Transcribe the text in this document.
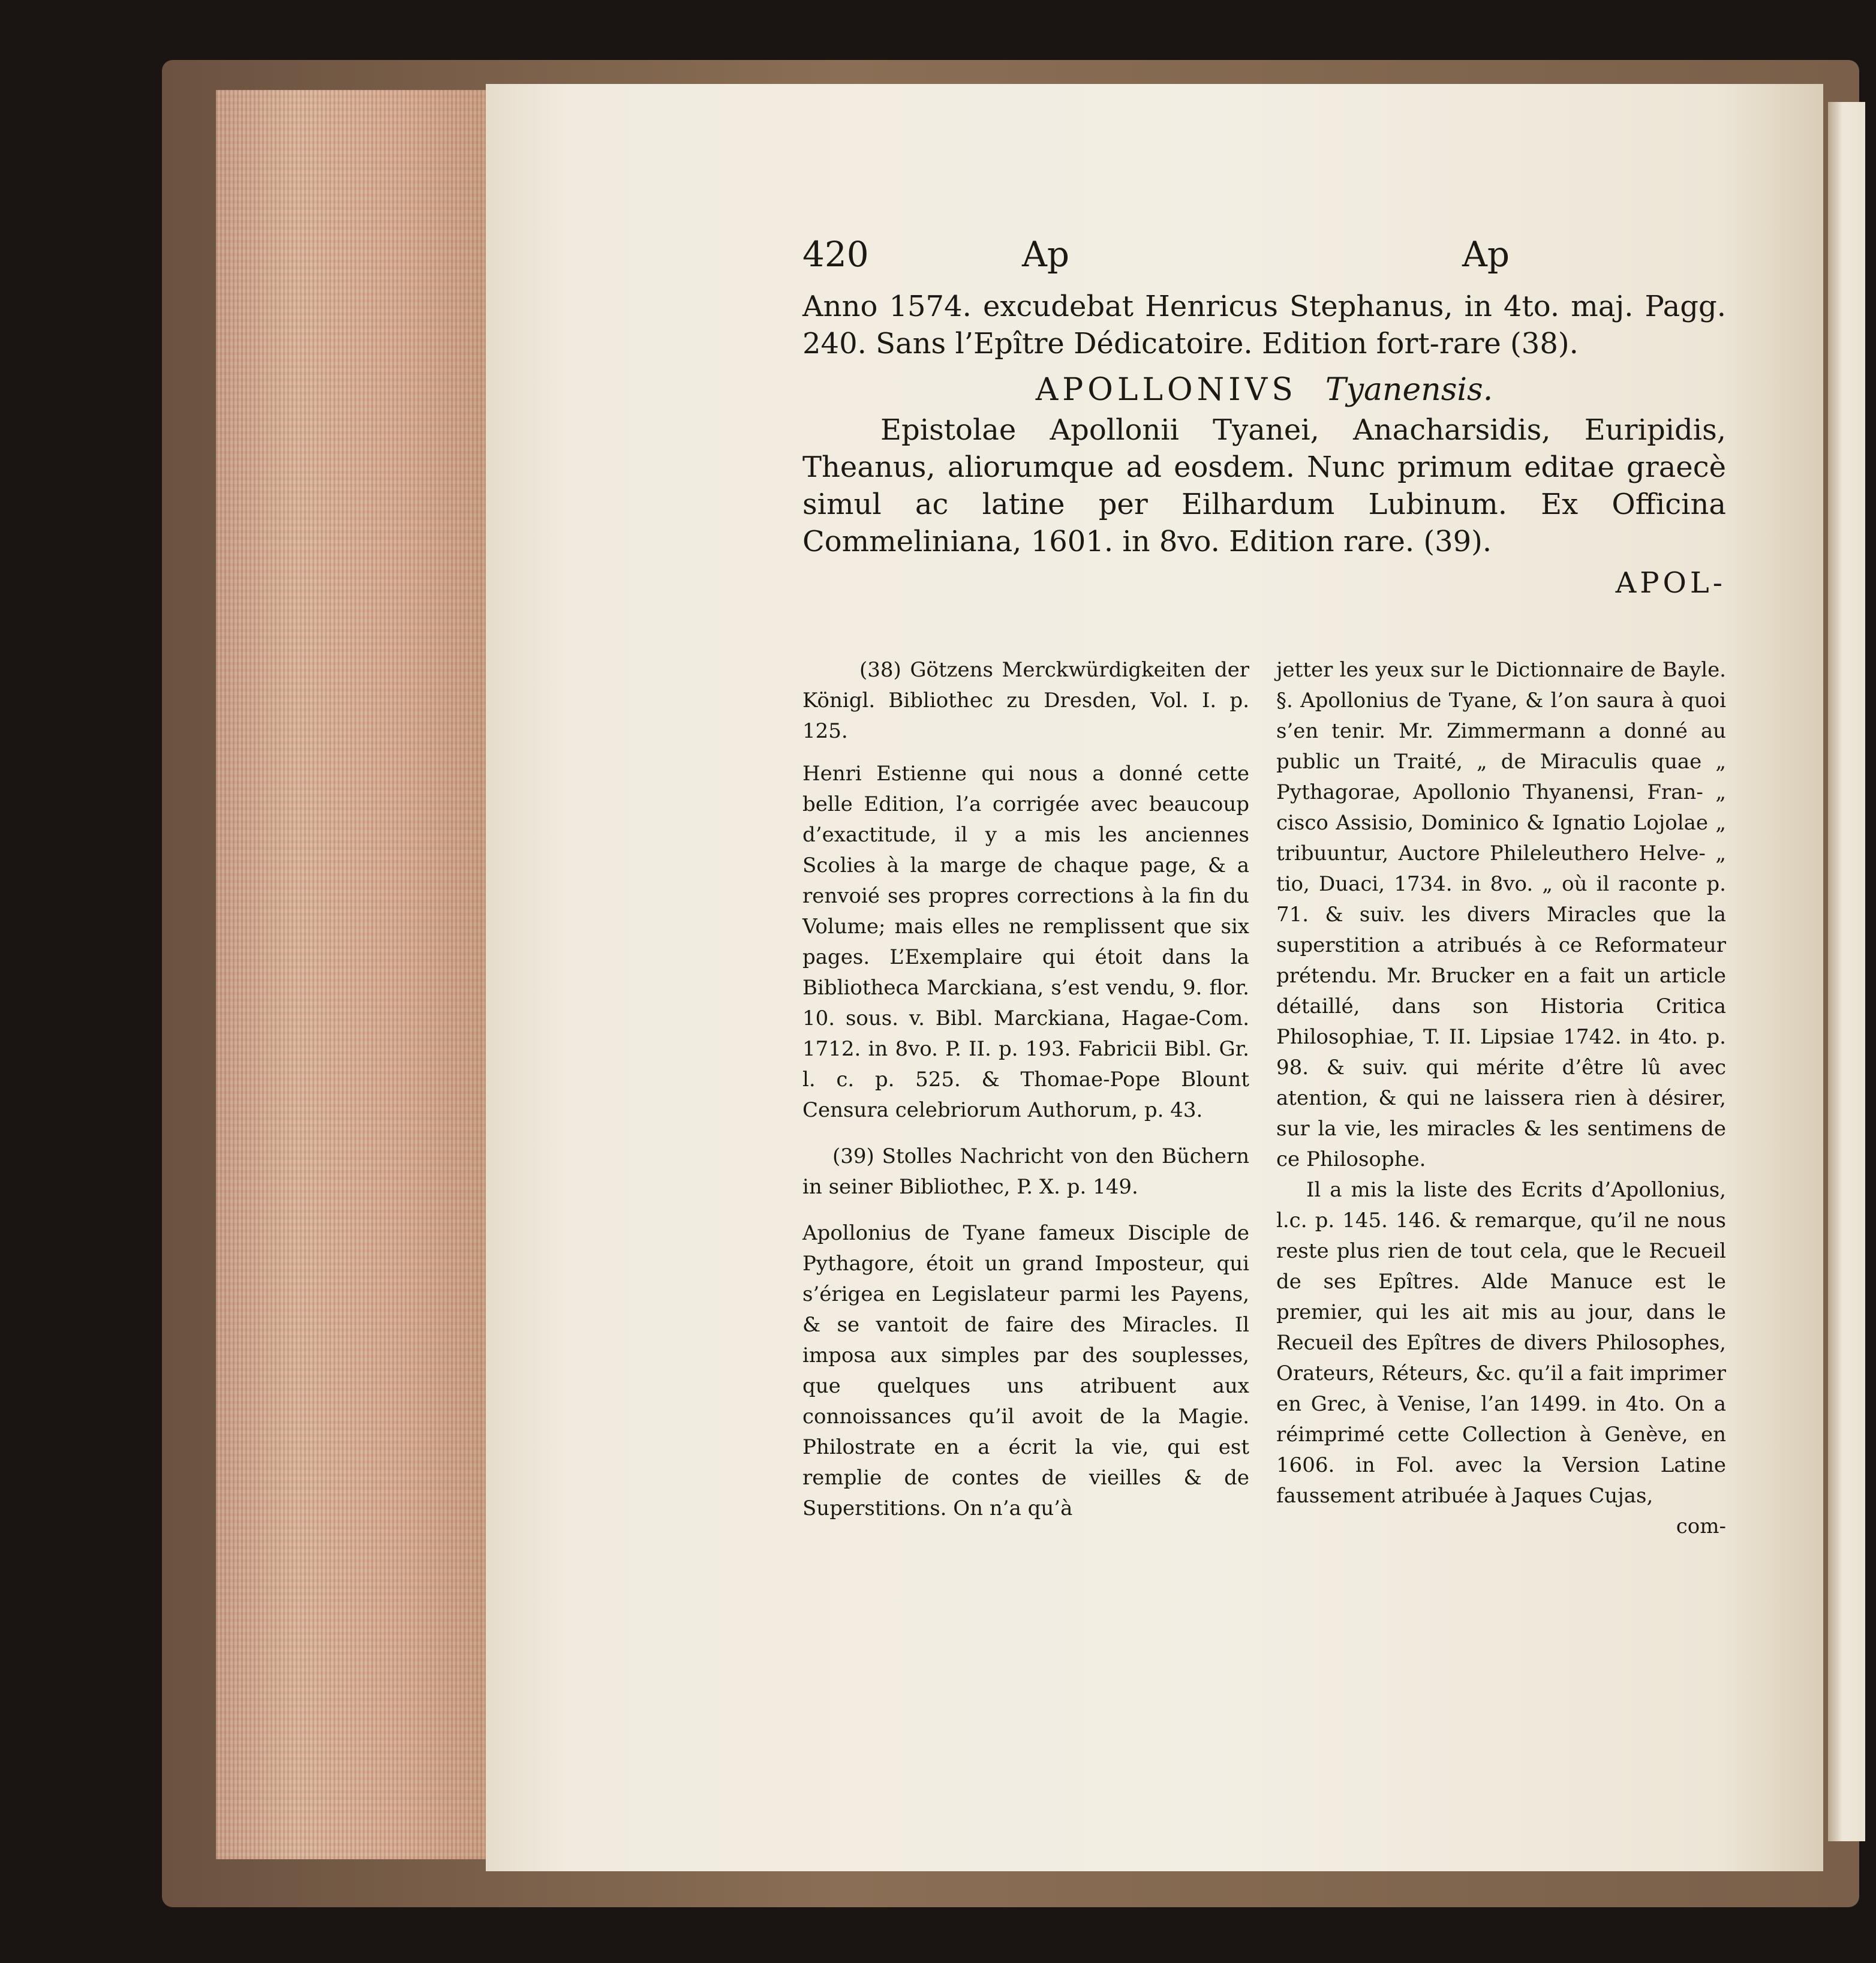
420	Ap	Ap

Anno 1574. excudebat Henricus Stephanus, in 4to. maj. Pagg. 240. Sans l’Epître Dédicatoire. Edition fort-rare (38).

APOLLONIVS Tyanensis.

Epistolae Apollonii Tyanei, Anacharsidis, Euripidis, Theanus, aliorumque ad eosdem. Nunc primum editae graecè simul ac latine per Eilhardum Lubinum. Ex Officina Commeliniana, 1601. in 8vo. Edition rare. (39).

APOL-

(38) Götzens Merckwürdigkeiten der Königl. Bibliothec zu Dresden, Vol. I. p. 125.

Henri Estienne qui nous a donné cette belle Edition, l’a corrigée avec beaucoup d’exactitude, il y a mis les anciennes Scolies à la marge de chaque page, & a renvoié ses propres corrections à la fin du Volume; mais elles ne remplissent que six pages. L’Exemplaire qui étoit dans la Bibliotheca Marckiana, s’est vendu, 9. flor. 10. sous. v. Bibl. Marckiana, Hagae-Com. 1712. in 8vo. P. II. p. 193. Fabricii Bibl. Gr. l. c. p. 525. & Thomae-Pope Blount Censura celebriorum Authorum, p. 43.

(39) Stolles Nachricht von den Büchern in seiner Bibliothec, P. X. p. 149.

Apollonius de Tyane fameux Disciple de Pythagore, étoit un grand Imposteur, qui s’érigea en Legislateur parmi les Payens, & se vantoit de faire des Miracles. Il imposa aux simples par des souplesses, que quelques uns atribuent aux connoissances qu’il avoit de la Magie. Philostrate en a écrit la vie, qui est remplie de contes de vieilles & de Superstitions. On n’a qu’à

jetter les yeux sur le Dictionnaire de Bayle. §. Apollonius de Tyane, & l’on saura à quoi s’en tenir. Mr. Zimmermann a donné au public un Traité, „ de Miraculis quae „ Pythagorae, Apollonio Thyanensi, Fran- „ cisco Assisio, Dominico & Ignatio Lojolae „ tribuuntur, Auctore Phileleuthero Helve- „ tio, Duaci, 1734. in 8vo. „ où il raconte p. 71. & suiv. les divers Miracles que la superstition a atribués à ce Reformateur prétendu. Mr. Brucker en a fait un article détaillé, dans son Historia Critica Philosophiae, T. II. Lipsiae 1742. in 4to. p. 98. & suiv. qui mérite d’être lû avec atention, & qui ne laissera rien à désirer, sur la vie, les miracles & les sentimens de ce Philosophe.

Il a mis la liste des Ecrits d’Apollonius, l.c. p. 145. 146. & remarque, qu’il ne nous reste plus rien de tout cela, que le Recueil de ses Epîtres. Alde Manuce est le premier, qui les ait mis au jour, dans le Recueil des Epîtres de divers Philosophes, Orateurs, Réteurs, &c. qu’il a fait imprimer en Grec, à Venise, l’an 1499. in 4to. On a réimprimé cette Collection à Genève, en 1606. in Fol. avec la Version Latine faussement atribuée à Jaques Cujas,

com-
